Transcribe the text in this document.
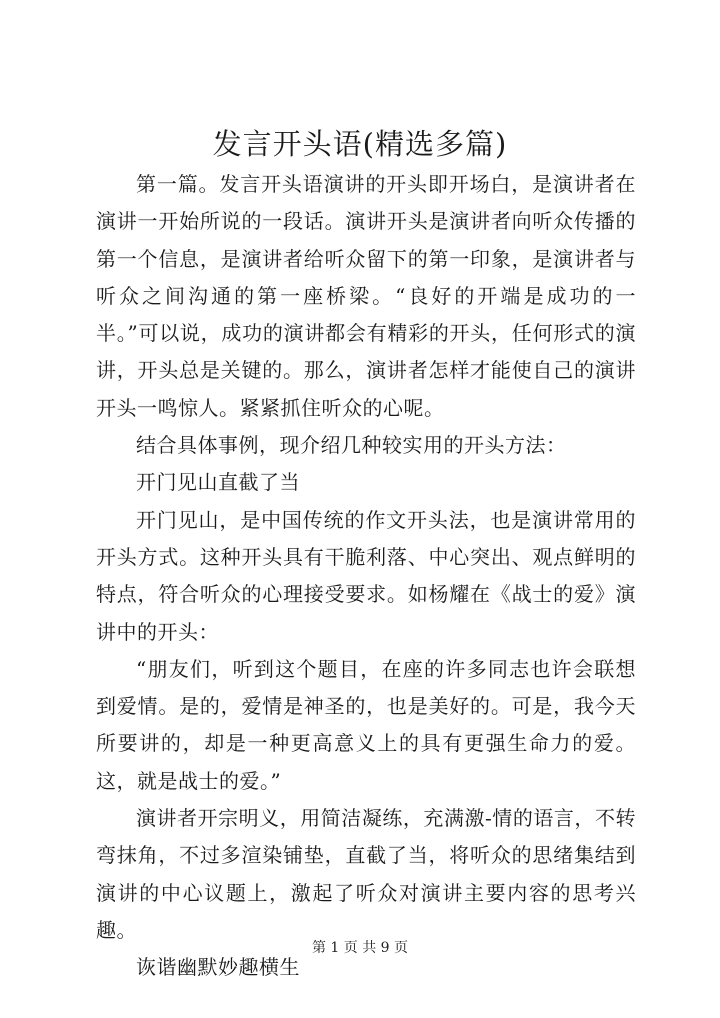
发言开头语(精选多篇)

第一篇。发言开头语演讲的开头即开场白，是演讲者在演讲一开始所说的一段话。演讲开头是演讲者向听众传播的第一个信息，是演讲者给听众留下的第一印象，是演讲者与听众之间沟通的第一座桥梁。“良好的开端是成功的一半。”可以说，成功的演讲都会有精彩的开头，任何形式的演讲，开头总是关键的。那么，演讲者怎样才能使自己的演讲开头一鸣惊人。紧紧抓住听众的心呢。

结合具体事例，现介绍几种较实用的开头方法：

开门见山直截了当

开门见山，是中国传统的作文开头法，也是演讲常用的开头方式。这种开头具有干脆利落、中心突出、观点鲜明的特点，符合听众的心理接受要求。如杨耀在《战士的爱》演讲中的开头：

“朋友们，听到这个题目，在座的许多同志也许会联想到爱情。是的，爱情是神圣的，也是美好的。可是，我今天所要讲的，却是一种更高意义上的具有更强生命力的爱。这，就是战士的爱。”

演讲者开宗明义，用简洁凝练，充满激-情的语言，不转弯抹角，不过多渲染铺垫，直截了当，将听众的思绪集结到演讲的中心议题上，激起了听众对演讲主要内容的思考兴趣。

诙谐幽默妙趣横生

第 1 页 共 9 页
